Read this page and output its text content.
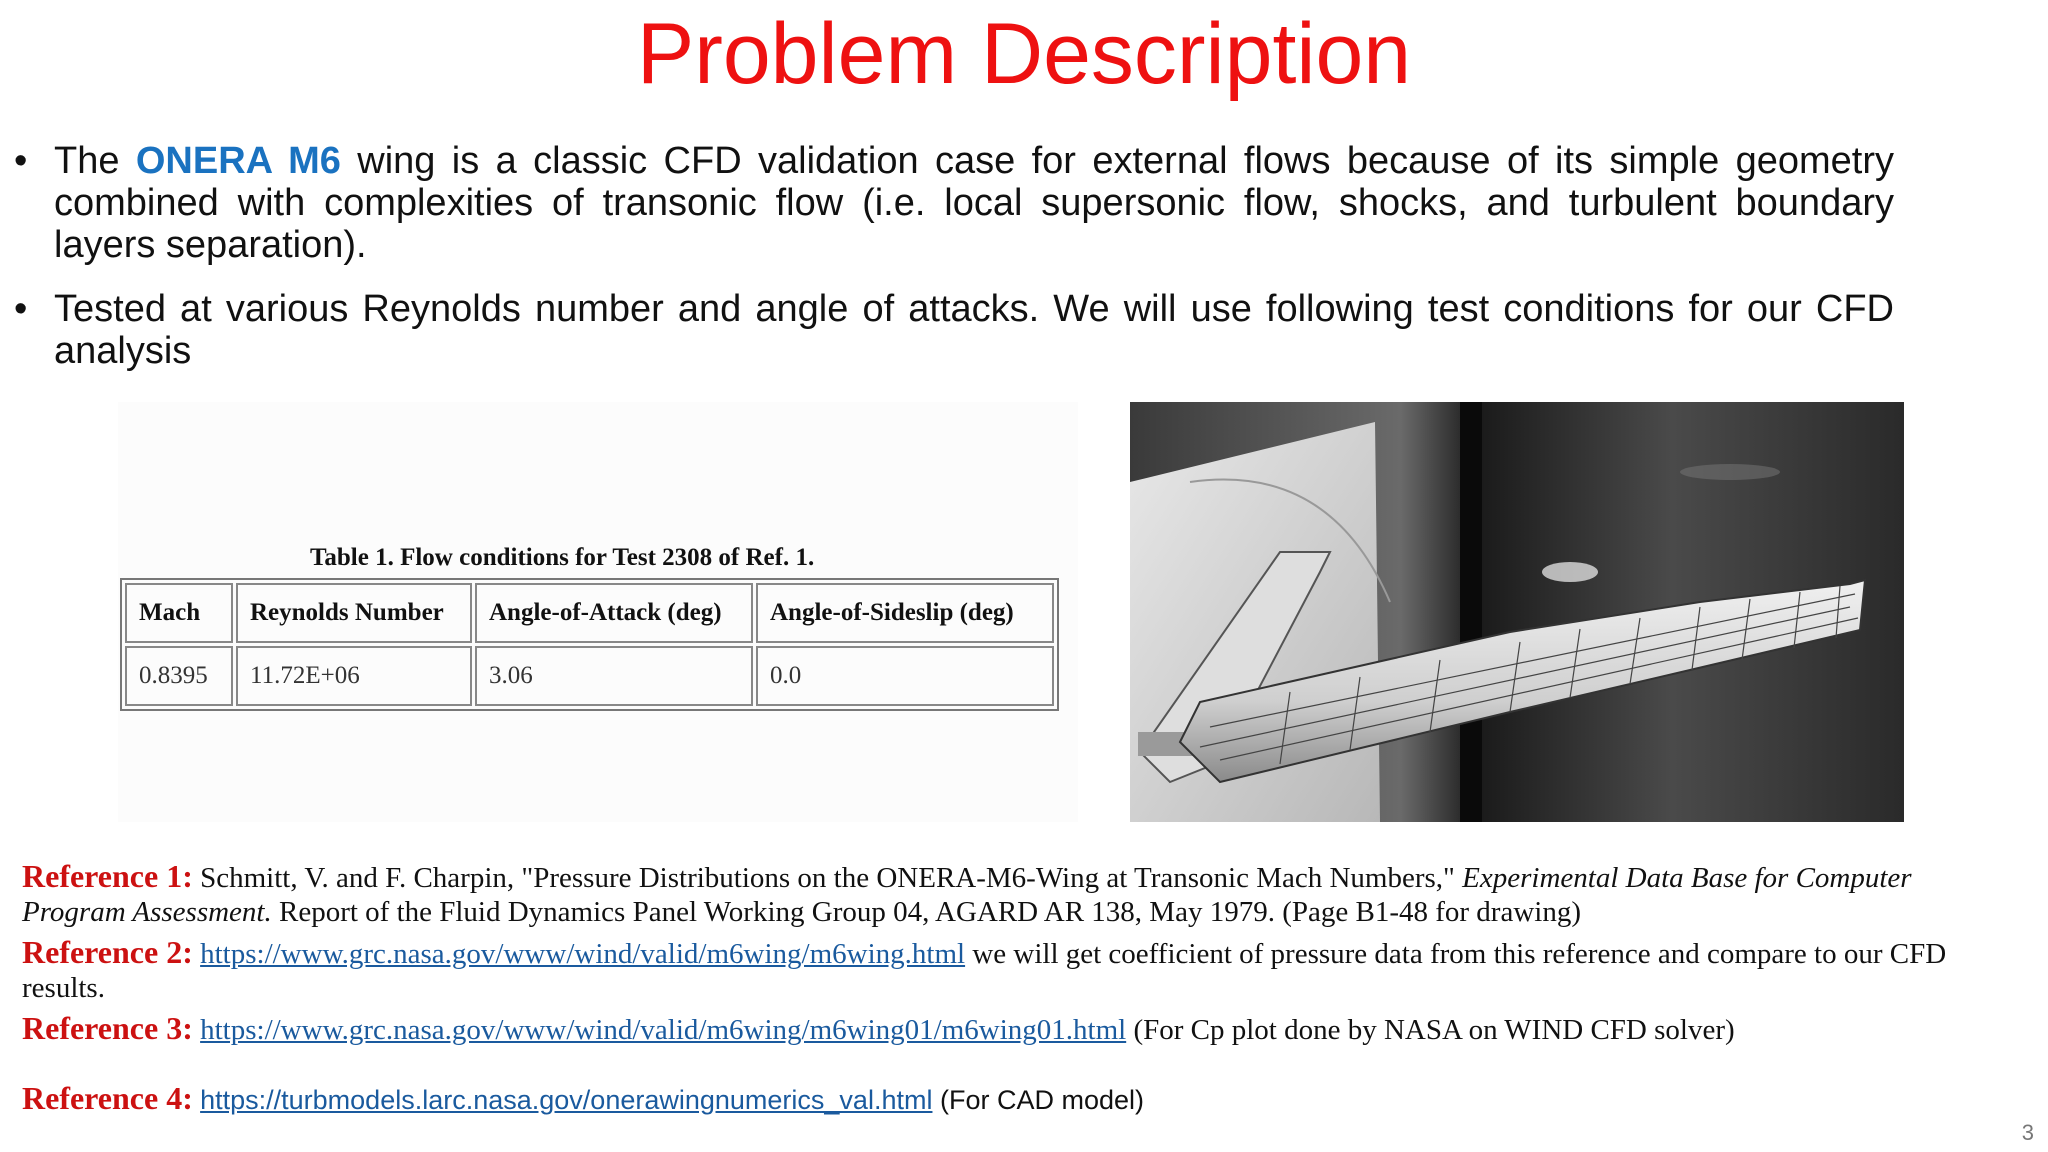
Problem Description
• The ONERA M6 wing is a classic CFD validation case for external flows because of its simple geometry combined with complexities of transonic flow (i.e. local supersonic flow, shocks, and turbulent boundary layers separation).
• Tested at various Reynolds number and angle of attacks. We will use following test conditions for our CFD analysis
Table 1. Flow conditions for Test 2308 of Ref. 1.
Mach	Reynolds Number	Angle-of-Attack (deg)	Angle-of-Sideslip (deg)
0.8395	11.72E+06	3.06	0.0
Reference 1: Schmitt, V. and F. Charpin, "Pressure Distributions on the ONERA-M6-Wing at Transonic Mach Numbers," Experimental Data Base for Computer
Program Assessment. Report of the Fluid Dynamics Panel Working Group 04, AGARD AR 138, May 1979. (Page B1-48 for drawing)
Reference 2: https://www.grc.nasa.gov/www/wind/valid/m6wing/m6wing.html we will get coefficient of pressure data from this reference and compare to our CFD
results.
Reference 3: https://www.grc.nasa.gov/www/wind/valid/m6wing/m6wing01/m6wing01.html (For Cp plot done by NASA on WIND CFD solver)
Reference 4: https://turbmodels.larc.nasa.gov/onerawingnumerics_val.html (For CAD model)
3
